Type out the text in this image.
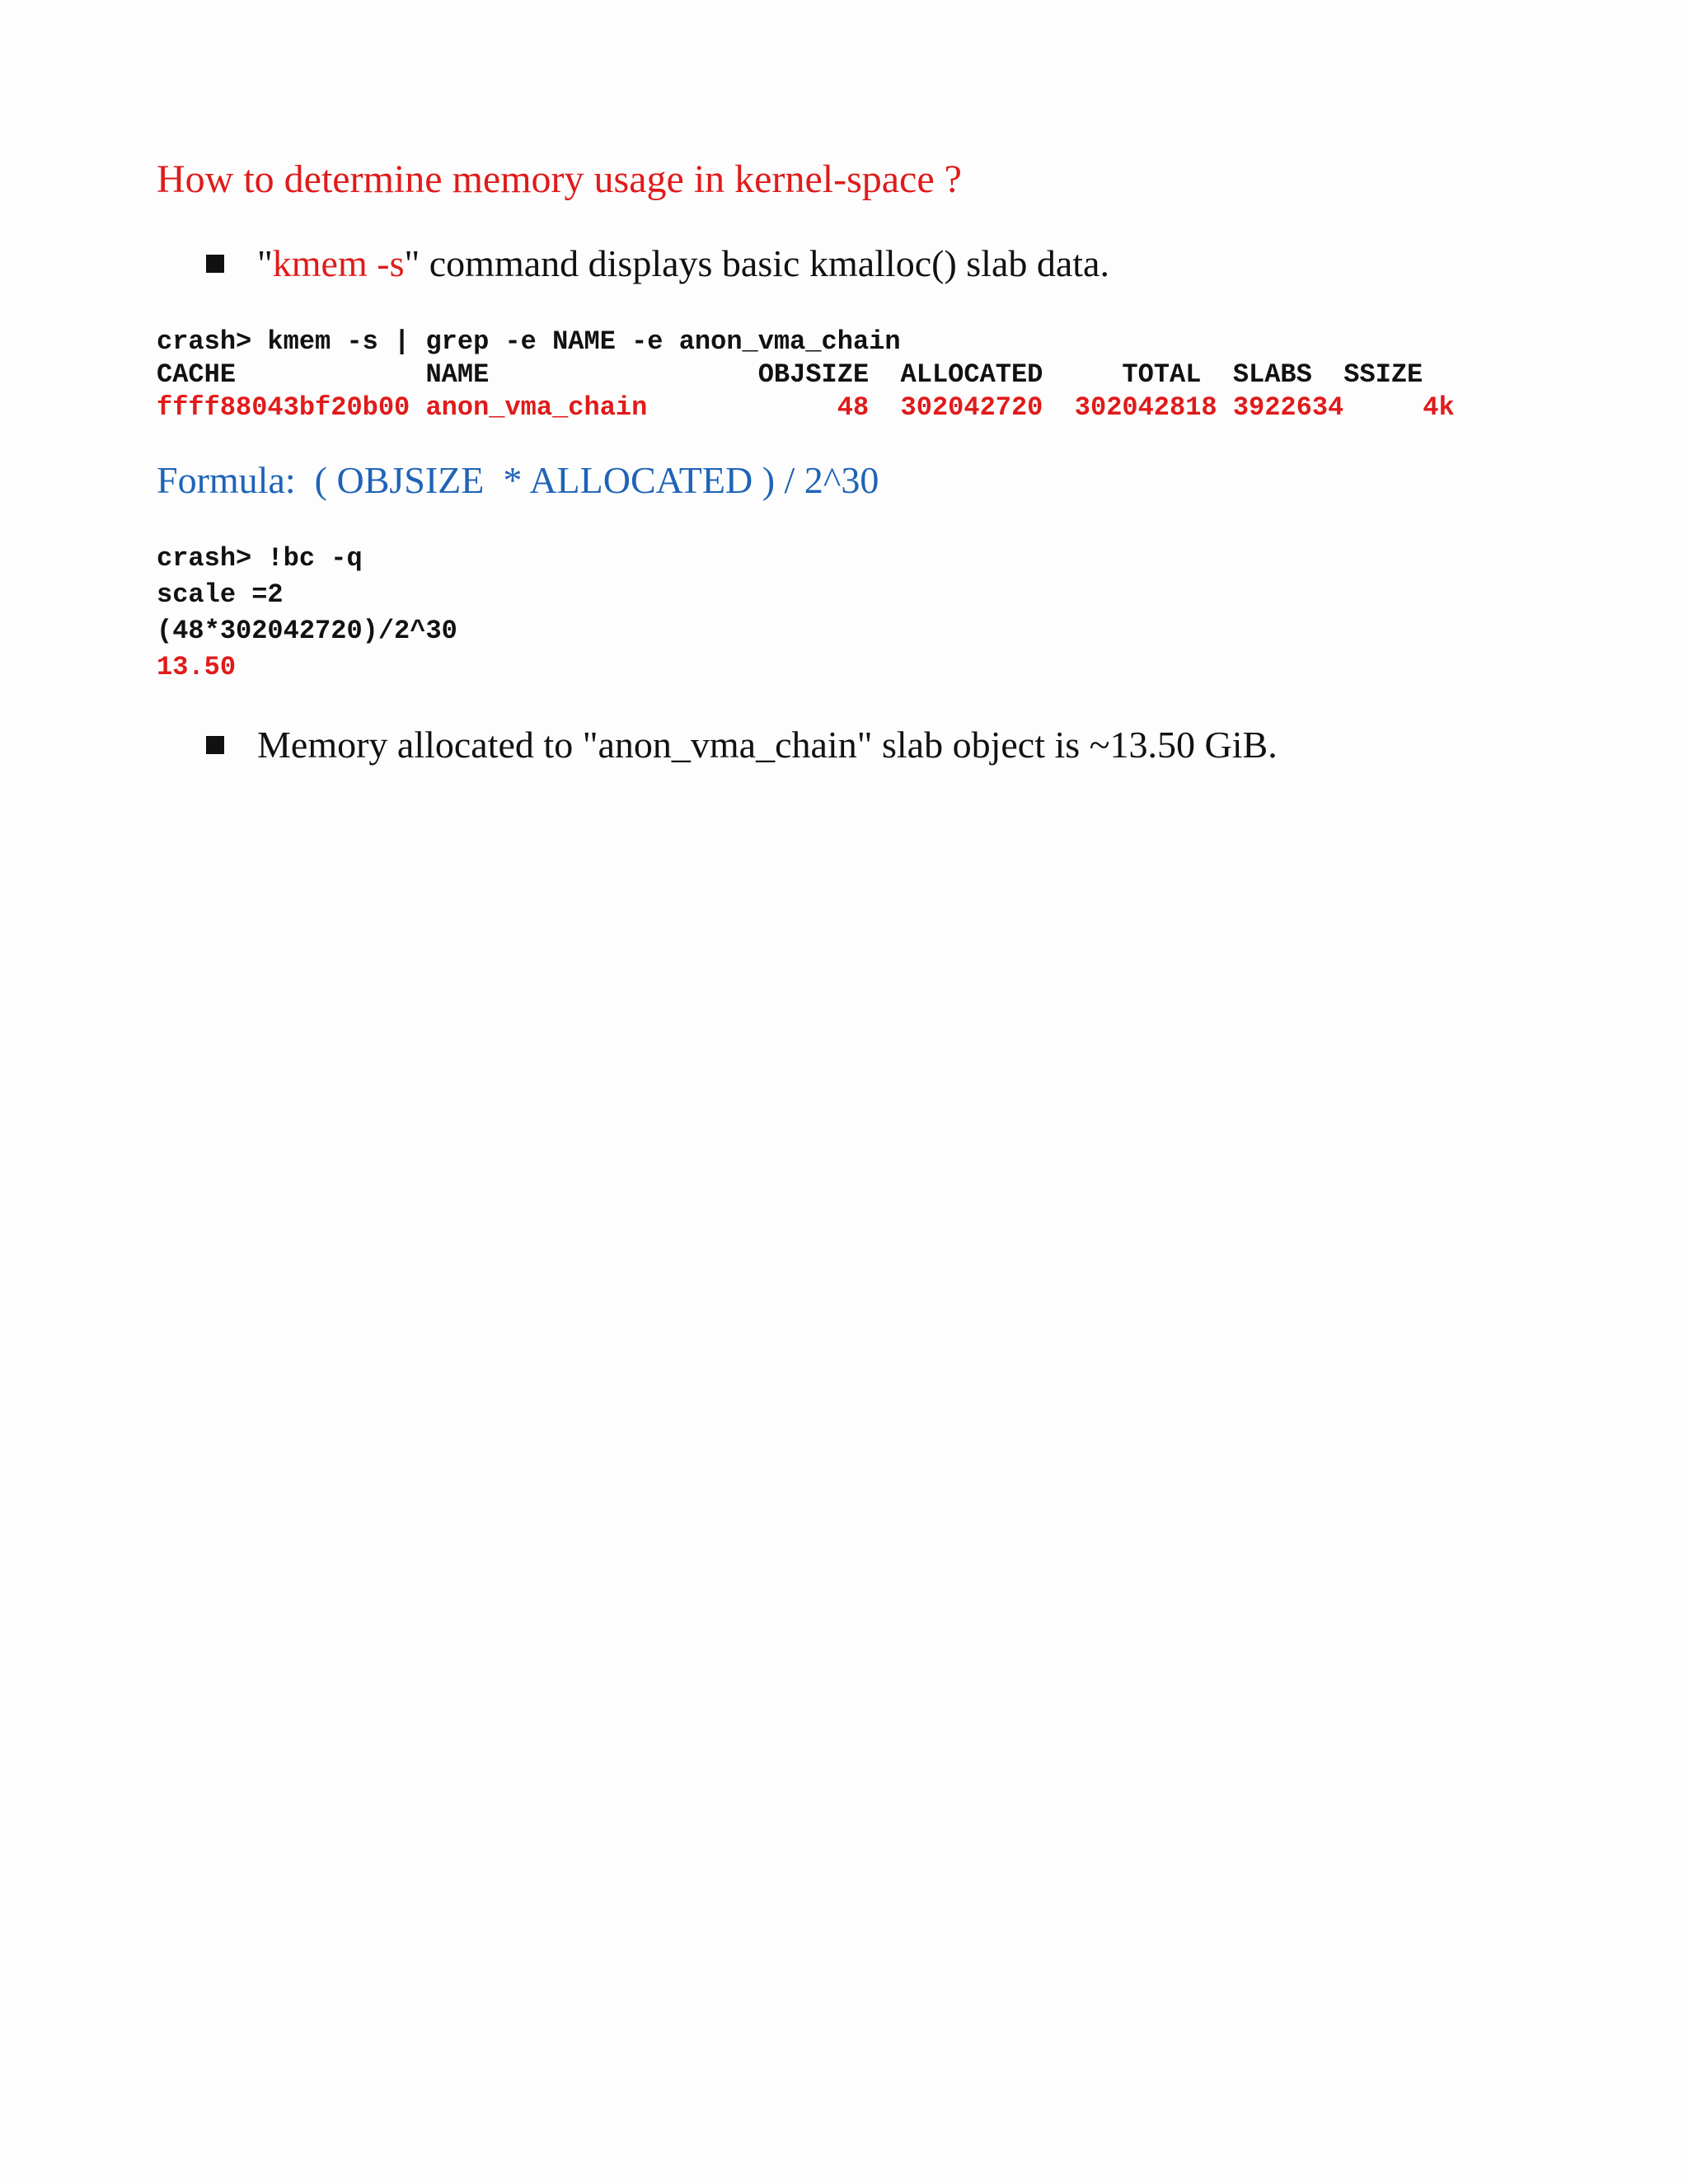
How to determine memory usage in kernel-space ?
"kmem -s" command displays basic kmalloc() slab data.
crash> kmem -s | grep -e NAME -e anon_vma_chain
CACHE            NAME                 OBJSIZE  ALLOCATED     TOTAL  SLABS  SSIZE
ffff88043bf20b00 anon_vma_chain            48  302042720  302042818 3922634     4k
Formula:  ( OBJSIZE  * ALLOCATED ) / 2^30
crash> !bc -q
scale =2
(48*302042720)/2^30
13.50
Memory allocated to "anon_vma_chain" slab object is ~13.50 GiB.
